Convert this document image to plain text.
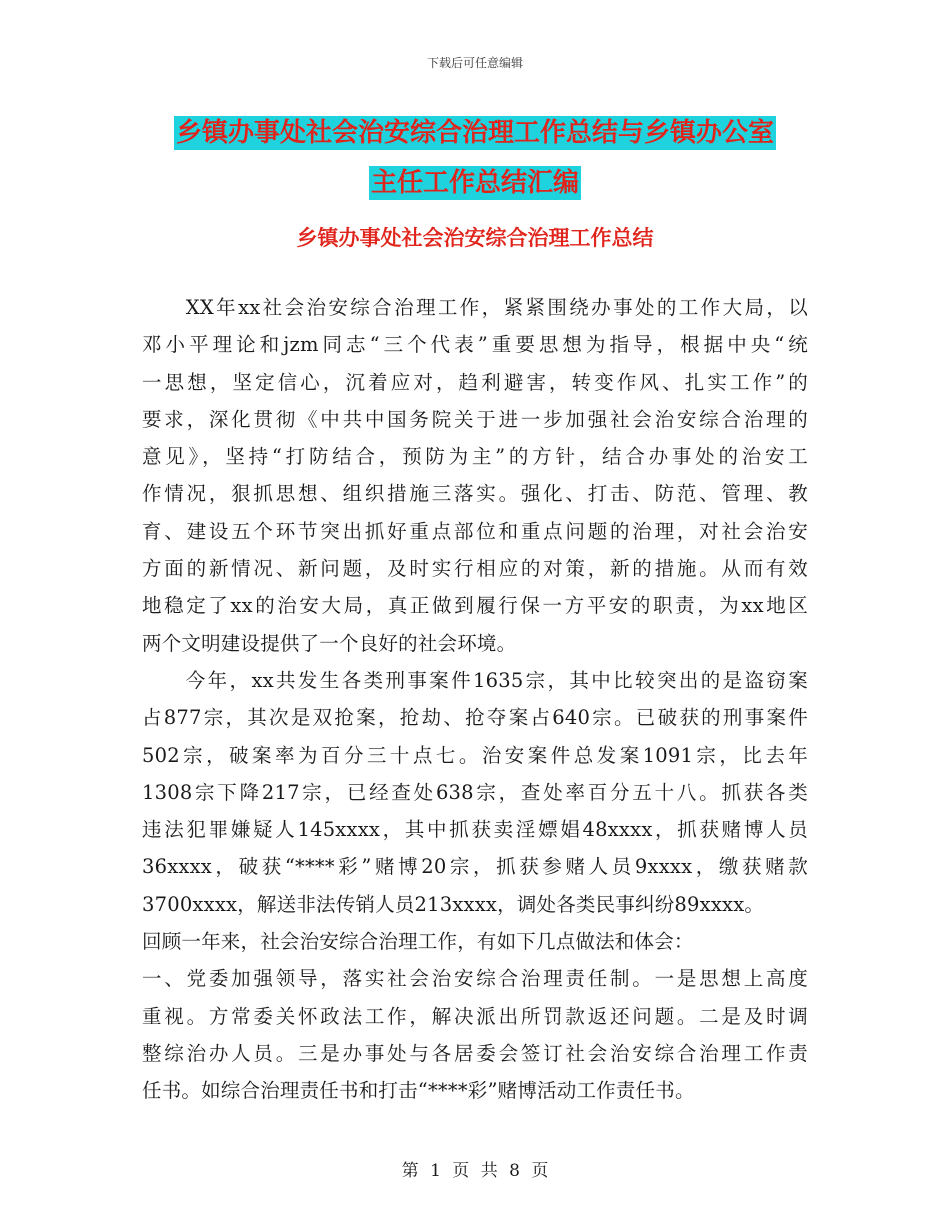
下载后可任意编辑
乡镇办事处社会治安综合治理工作总结与乡镇办公室
主任工作总结汇编
乡镇办事处社会治安综合治理工作总结
　　XX年xx社会治安综合治理工作，紧紧围绕办事处的工作大局，以
邓小平理论和jzm同志“三个代表”重要思想为指导，根据中央“统
一思想，坚定信心，沉着应对，趋利避害，转变作风、扎实工作”的
要求，深化贯彻《中共中国务院关于进一步加强社会治安综合治理的
意见》，坚持“打防结合，预防为主”的方针，结合办事处的治安工
作情况，狠抓思想、组织措施三落实。强化、打击、防范、管理、教
育、建设五个环节突出抓好重点部位和重点问题的治理，对社会治安
方面的新情况、新问题，及时实行相应的对策，新的措施。从而有效
地稳定了xx的治安大局，真正做到履行保一方平安的职责，为xx地区
两个文明建设提供了一个良好的社会环境。
　　今年，xx共发生各类刑事案件1635宗，其中比较突出的是盗窃案
占877宗，其次是双抢案，抢劫、抢夺案占640宗。已破获的刑事案件
502宗，破案率为百分三十点七。治安案件总发案1091宗，比去年
1308宗下降217宗，已经查处638宗，查处率百分五十八。抓获各类
违法犯罪嫌疑人145xxxx，其中抓获卖淫嫖娼48xxxx，抓获赌博人员
36xxxx，破获“****彩”赌博20宗，抓获参赌人员9xxxx，缴获赌款
3700xxxx，解送非法传销人员213xxxx，调处各类民事纠纷89xxxx。
回顾一年来，社会治安综合治理工作，有如下几点做法和体会：
一、党委加强领导，落实社会治安综合治理责任制。一是思想上高度
重视。方常委关怀政法工作，解决派出所罚款返还问题。二是及时调
整综治办人员。三是办事处与各居委会签订社会治安综合治理工作责
任书。如综合治理责任书和打击“****彩”赌博活动工作责任书。
第 1 页 共 8 页
